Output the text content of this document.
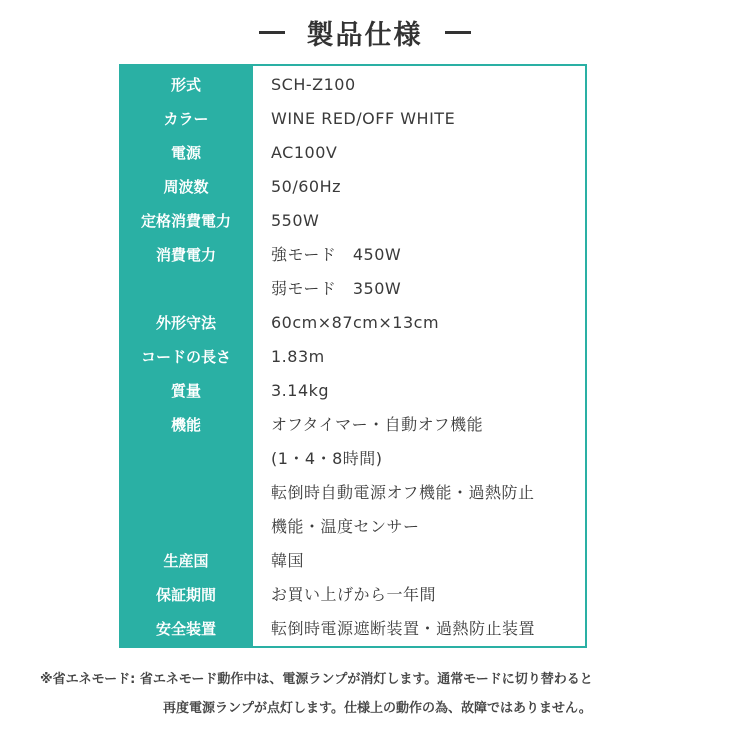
製品仕様
形式	SCH-Z100
カラー	WINE RED/OFF WHITE
電源	AC100V
周波数	50/60Hz
定格消費電力	550W
消費電力	強モード　450W
弱モード　350W
外形守法	60cm×87cm×13cm
コードの長さ	1.83m
質量	3.14kg
機能	オフタイマー・自動オフ機能
(1・4・8時間)
転倒時自動電源オフ機能・過熱防止
機能・温度センサー
生産国	韓国
保証期間	お買い上げから一年間
安全装置	転倒時電源遮断装置・過熱防止装置
※省エネモード: 省エネモード動作中は、電源ランプが消灯します。通常モードに切り替わると
再度電源ランプが点灯します。仕様上の動作の為、故障ではありません。
